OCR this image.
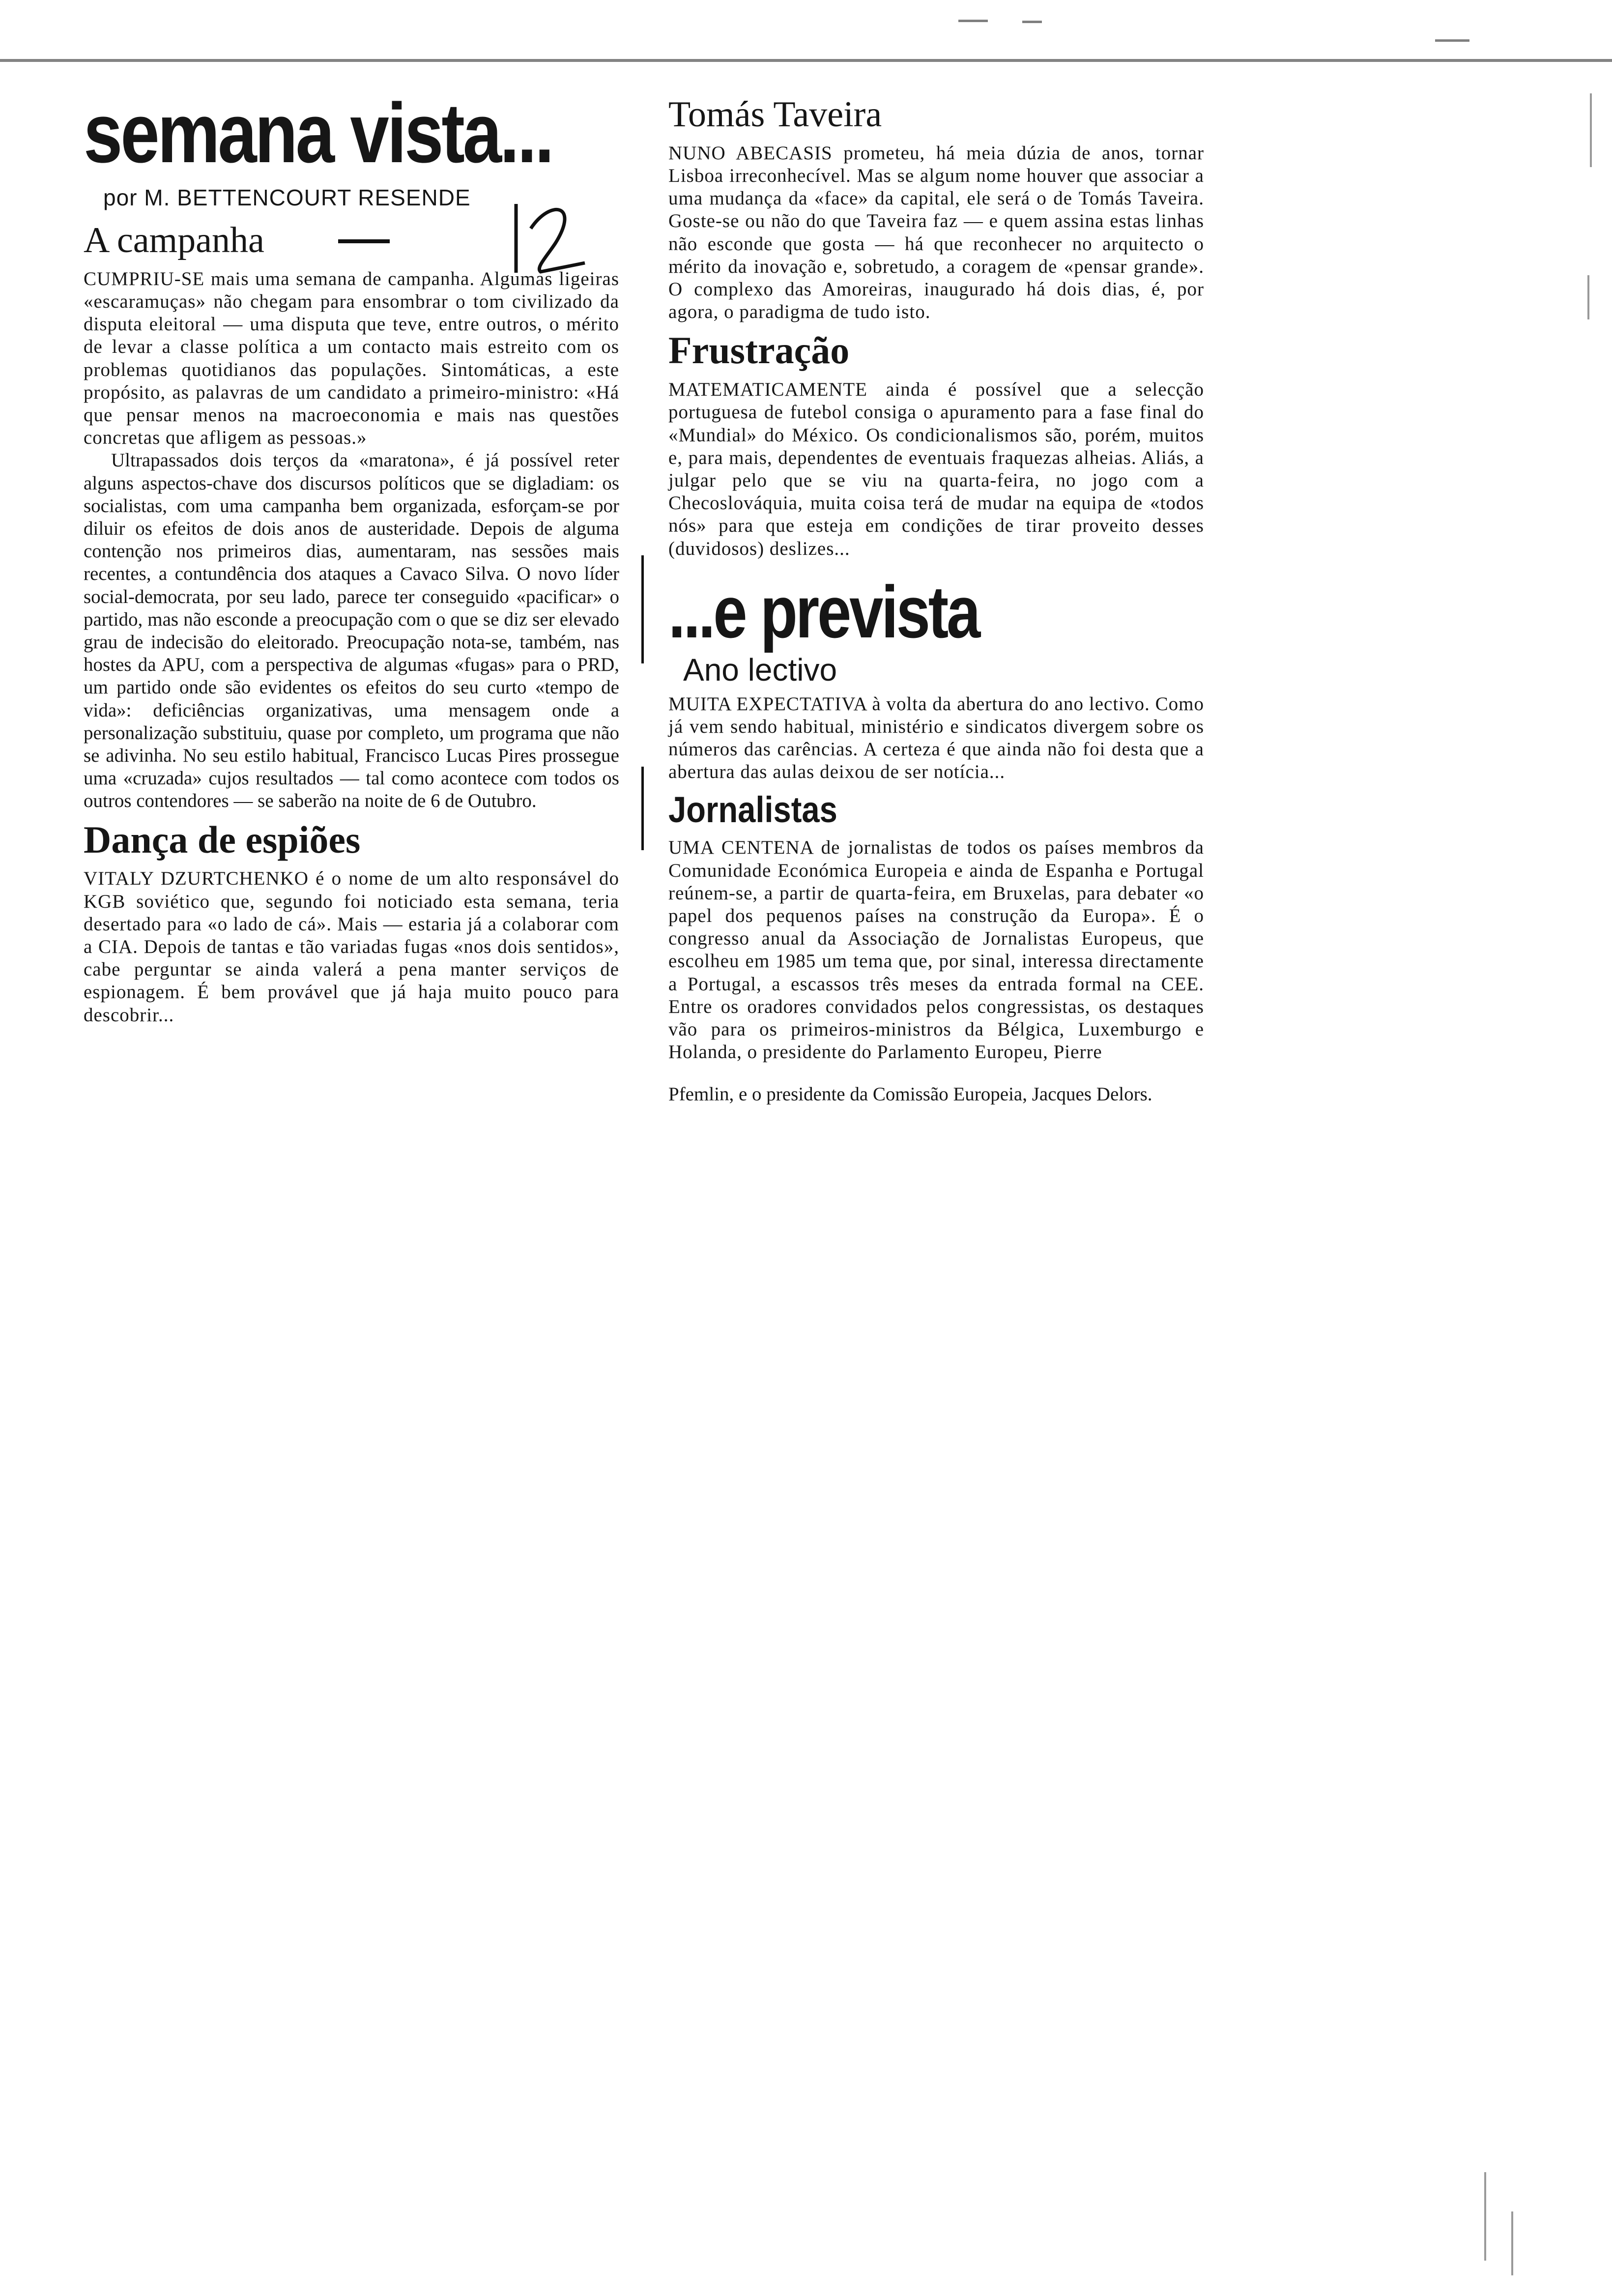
semana vista...
por M. BETTENCOURT RESENDE
A campanha

CUMPRIU-SE mais uma semana de campanha. Algumas ligeiras «escaramuças» não chegam para ensombrar o tom civilizado da disputa eleitoral — uma disputa que teve, entre outros, o mérito de levar a classe política a um contacto mais estreito com os problemas quotidianos das populações. Sintomáticas, a este propósito, as palavras de um candidato a primeiro-ministro: «Há que pensar menos na macroeconomia e mais nas questões concretas que afligem as pessoas.»

Ultrapassados dois terços da «maratona», é já possível reter alguns aspectos-chave dos discursos políticos que se digladiam: os socialistas, com uma campanha bem organizada, esforçam-se por diluir os efeitos de dois anos de austeridade. Depois de alguma contenção nos primeiros dias, aumentaram, nas sessões mais recentes, a contundência dos ataques a Cavaco Silva. O novo líder social-democrata, por seu lado, parece ter conseguido «pacificar» o partido, mas não esconde a preocupação com o que se diz ser elevado grau de indecisão do eleitorado. Preocupação nota-se, também, nas hostes da APU, com a perspectiva de algumas «fugas» para o PRD, um partido onde são evidentes os efeitos do seu curto «tempo de vida»: deficiências organizativas, uma mensagem onde a personalização substituiu, quase por completo, um programa que não se adivinha. No seu estilo habitual, Francisco Lucas Pires prossegue uma «cruzada» cujos resultados — tal como acontece com todos os outros contendores — se saberão na noite de 6 de Outubro.

Dança de espiões

VITALY DZURTCHENKO é o nome de um alto responsável do KGB soviético que, segundo foi noticiado esta semana, teria desertado para «o lado de cá». Mais — estaria já a colaborar com a CIA. Depois de tantas e tão variadas fugas «nos dois sentidos», cabe perguntar se ainda valerá a pena manter serviços de espionagem. É bem provável que já haja muito pouco para descobrir...

Tomás Taveira

NUNO ABECASIS prometeu, há meia dúzia de anos, tornar Lisboa irreconhecível. Mas se algum nome houver que associar a uma mudança da «face» da capital, ele será o de Tomás Taveira. Goste-se ou não do que Taveira faz — e quem assina estas linhas não esconde que gosta — há que reconhecer no arquitecto o mérito da inovação e, sobretudo, a coragem de «pensar grande». O complexo das Amoreiras, inaugurado há dois dias, é, por agora, o paradigma de tudo isto.

Frustração

MATEMATICAMENTE ainda é possível que a selecção portuguesa de futebol consiga o apuramento para a fase final do «Mundial» do México. Os condicionalismos são, porém, muitos e, para mais, dependentes de eventuais fraquezas alheias. Aliás, a julgar pelo que se viu na quarta-feira, no jogo com a Checoslováquia, muita coisa terá de mudar na equipa de «todos nós» para que esteja em condições de tirar proveito desses (duvidosos) deslizes...

...e prevista
Ano lectivo

MUITA EXPECTATIVA à volta da abertura do ano lectivo. Como já vem sendo habitual, ministério e sindicatos divergem sobre os números das carências. A certeza é que ainda não foi desta que a abertura das aulas deixou de ser notícia...

Jornalistas

UMA CENTENA de jornalistas de todos os países membros da Comunidade Económica Europeia e ainda de Espanha e Portugal reúnem-se, a partir de quarta-feira, em Bruxelas, para debater «o papel dos pequenos países na construção da Europa». É o congresso anual da Associação de Jornalistas Europeus, que escolheu em 1985 um tema que, por sinal, interessa directamente a Portugal, a escassos três meses da entrada formal na CEE. Entre os oradores convidados pelos congressistas, os destaques vão para os primeiros-ministros da Bélgica, Luxemburgo e Holanda, o presidente do Parlamento Europeu, Pierre

Pfemlin, e o presidente da Comissão Europeia, Jacques Delors.
